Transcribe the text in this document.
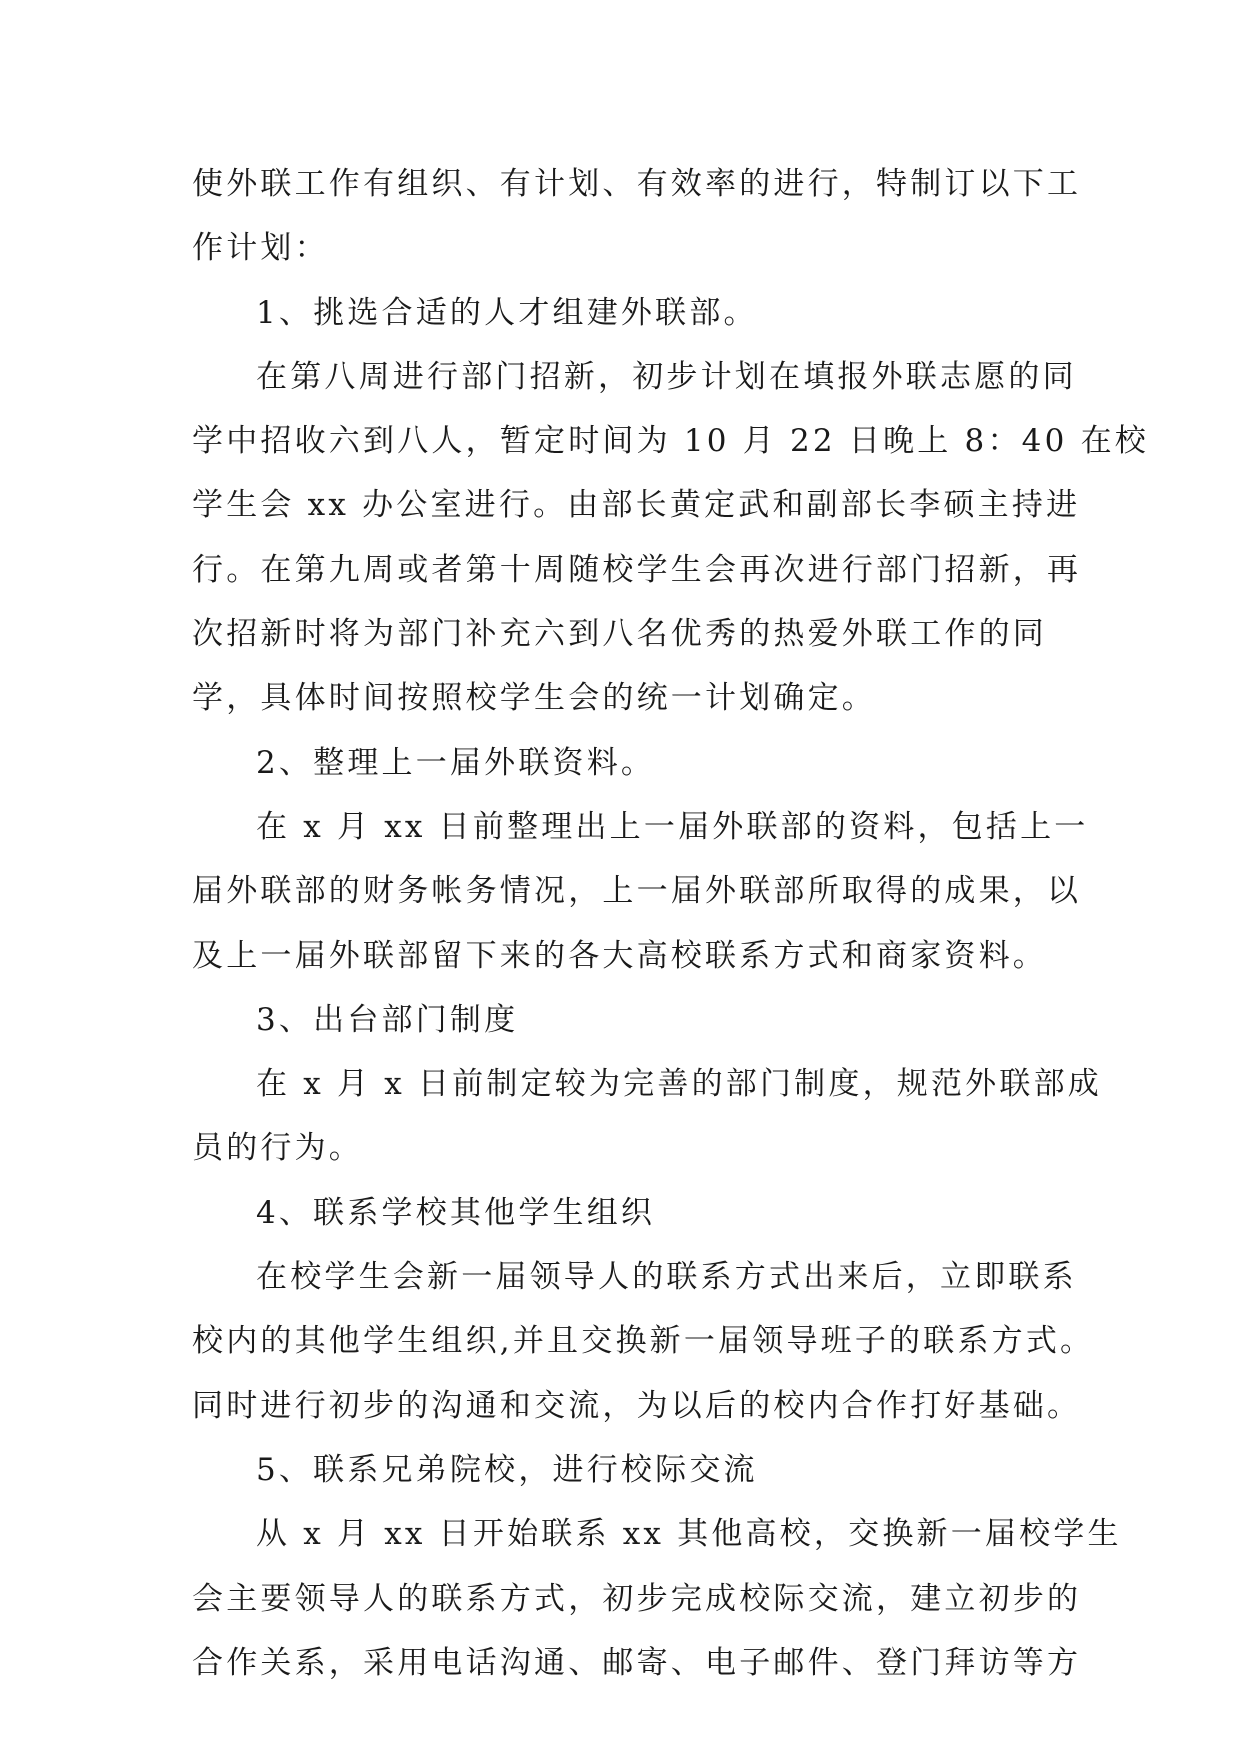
使外联工作有组织、有计划、有效率的进行，特制订以下工
作计划：
1、挑选合适的人才组建外联部。
在第八周进行部门招新，初步计划在填报外联志愿的同
学中招收六到八人，暂定时间为 10 月 22 日晚上 8：40 在校
学生会 xx 办公室进行。由部长黄定武和副部长李硕主持进
行。在第九周或者第十周随校学生会再次进行部门招新，再
次招新时将为部门补充六到八名优秀的热爱外联工作的同
学，具体时间按照校学生会的统一计划确定。
2、整理上一届外联资料。
在 x 月 xx 日前整理出上一届外联部的资料，包括上一
届外联部的财务帐务情况，上一届外联部所取得的成果，以
及上一届外联部留下来的各大高校联系方式和商家资料。
3、出台部门制度
在 x 月 x 日前制定较为完善的部门制度，规范外联部成
员的行为。
4、联系学校其他学生组织
在校学生会新一届领导人的联系方式出来后，立即联系
校内的其他学生组织,并且交换新一届领导班子的联系方式。
同时进行初步的沟通和交流，为以后的校内合作打好基础。
5、联系兄弟院校，进行校际交流
从 x 月 xx 日开始联系 xx 其他高校，交换新一届校学生
会主要领导人的联系方式，初步完成校际交流，建立初步的
合作关系，采用电话沟通、邮寄、电子邮件、登门拜访等方
